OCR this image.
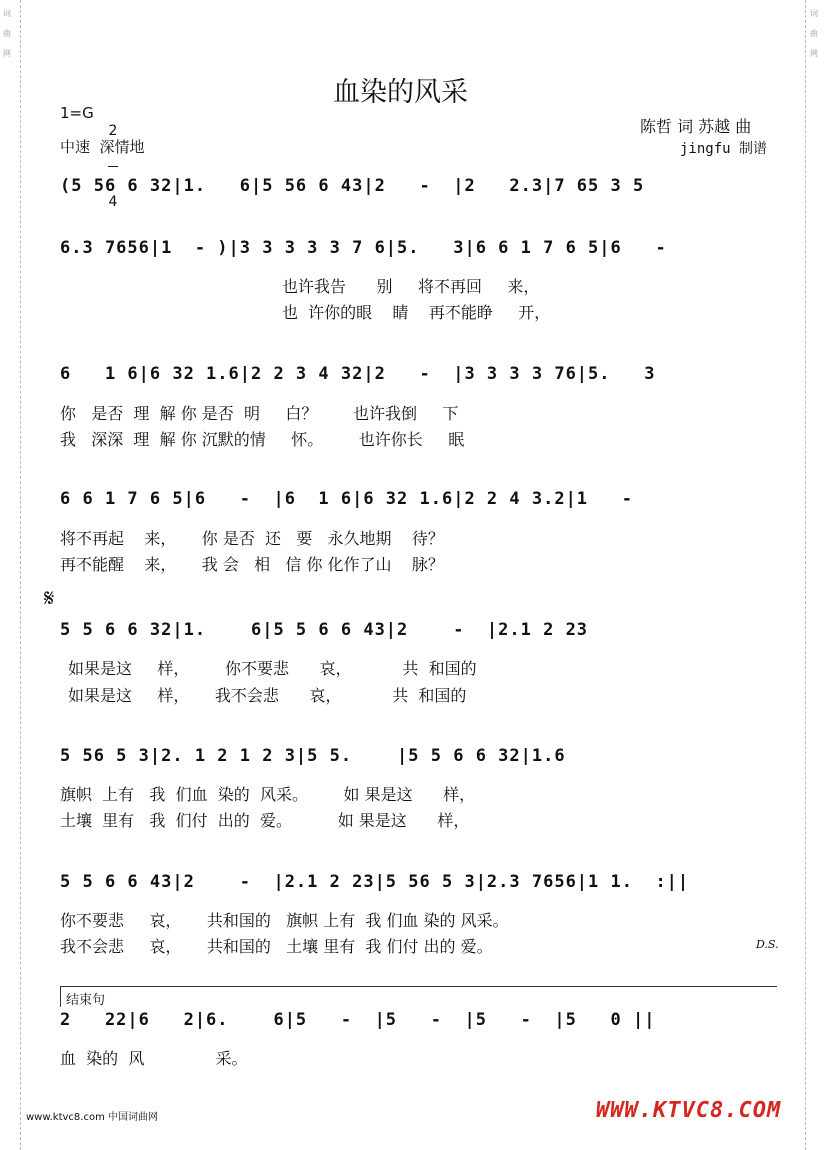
词曲网
词曲网
血染的风采
1=G

2

4

中速  深情地
陈哲 词 苏越 曲
jingfu 制谱
(5 56 6 32|1.   6|5 56 6 43|2   -  |2   2.3|7 65 3 5
6.3 7656|1  - )|3 3 3 3 3 7 6|5.   3|6 6 1 7 6 5|6   -
也许我告      别     将不再回     来，
也  许你的眼    睛    再不能睁     开，
6   1 6|6 32 1.6|2 2 3 4 32|2   -  |3 3 3 3 76|5.   3
你   是否  理  解 你 是否  明     白？       也许我倒     下
我   深深  理  解 你 沉默的情     怀。       也许你长     眠
6 6 1 7 6 5|6   -  |6  1 6|6 32 1.6|2 2 4 3.2|1   -
将不再起    来，     你 是否  还   要   永久地期    待？
再不能醒    来，     我 会   相   信 你 化作了山    脉？
𝄋
5 5 6 6 32|1.    6|5 5 6 6 43|2    -  |2.1 2 23
如果是这     样，       你不要悲      哀，          共  和国的
如果是这     样，     我不会悲      哀，          共  和国的
5 56 5 3|2. 1 2 1 2 3|5 5.    |5 5 6 6 32|1.6
旗帜  上有   我  们血  染的  风采。       如 果是这      样，
土壤  里有   我  们付  出的  爱。         如 果是这      样，
5 5 6 6 43|2    -  |2.1 2 23|5 56 5 3|2.3 7656|1 1.  :||
你不要悲     哀，     共和国的   旗帜 上有  我 们血 染的 风采。
我不会悲     哀，     共和国的   土壤 里有  我 们付 出的 爱。	D.S.
结束句
2   22|6   2|6.    6|5   -  |5   -  |5   -  |5   0 ||
血  染的  风              采。
www.ktvc8.com 中国词曲网	WWW.KTVC8.COM
